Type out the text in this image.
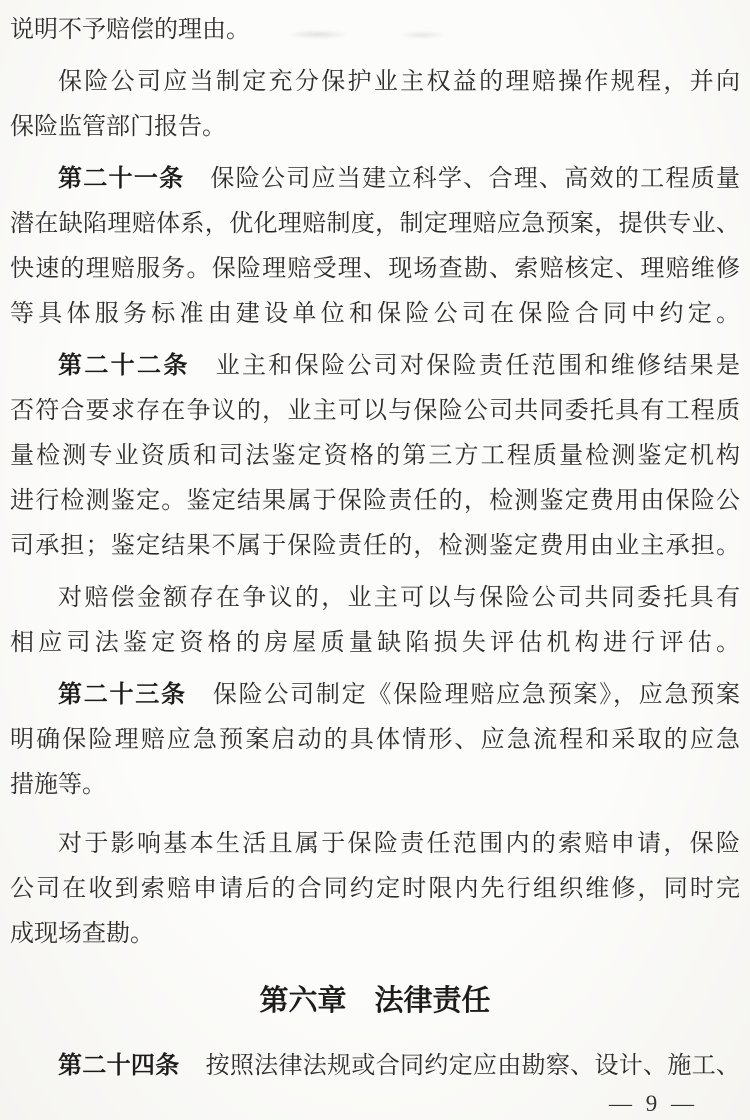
说明不予赔偿的理由。
保险公司应当制定充分保护业主权益的理赔操作规程，并向
保险监管部门报告。
第二十一条 保险公司应当建立科学、合理、高效的工程质量
潜在缺陷理赔体系，优化理赔制度，制定理赔应急预案，提供专业、
快速的理赔服务。保险理赔受理、现场查勘、索赔核定、理赔维修
等具体服务标准由建设单位和保险公司在保险合同中约定。
第二十二条 业主和保险公司对保险责任范围和维修结果是
否符合要求存在争议的，业主可以与保险公司共同委托具有工程质
量检测专业资质和司法鉴定资格的第三方工程质量检测鉴定机构
进行检测鉴定。鉴定结果属于保险责任的，检测鉴定费用由保险公
司承担；鉴定结果不属于保险责任的，检测鉴定费用由业主承担。
对赔偿金额存在争议的，业主可以与保险公司共同委托具有
相应司法鉴定资格的房屋质量缺陷损失评估机构进行评估。
第二十三条 保险公司制定《保险理赔应急预案》，应急预案
明确保险理赔应急预案启动的具体情形、应急流程和采取的应急
措施等。
对于影响基本生活且属于保险责任范围内的索赔申请，保险
公司在收到索赔申请后的合同约定时限内先行组织维修，同时完
成现场查勘。
第六章 法律责任
第二十四条 按照法律法规或合同约定应由勘察、设计、施工、
— 9 —
